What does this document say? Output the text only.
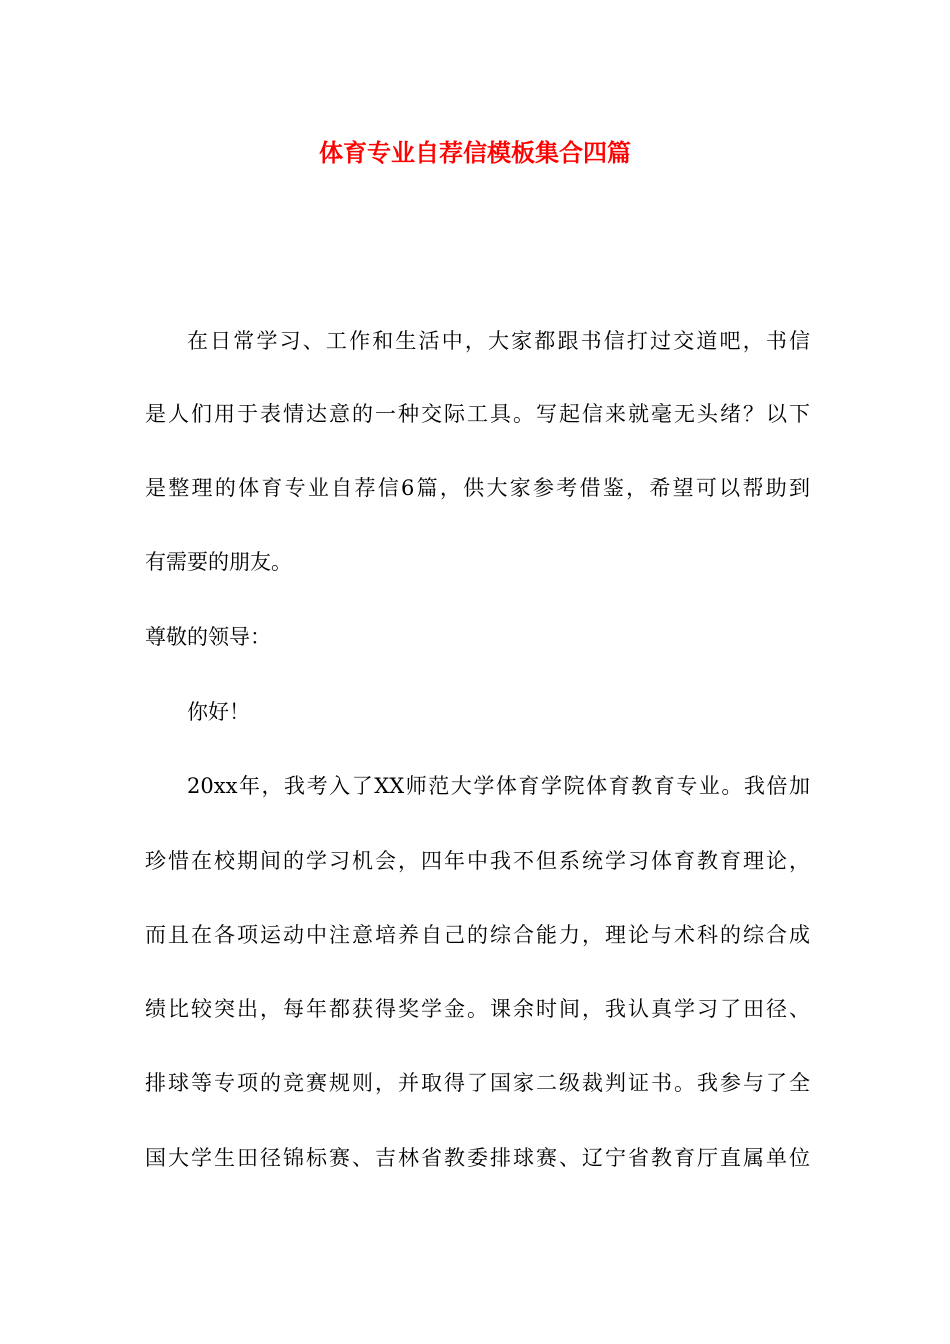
体育专业自荐信模板集合四篇
在日常学习、工作和生活中，大家都跟书信打过交道吧，书信
是人们用于表情达意的一种交际工具。写起信来就毫无头绪？以下
是整理的体育专业自荐信6篇，供大家参考借鉴，希望可以帮助到
有需要的朋友。
尊敬的领导：
你好！
20xx年，我考入了XX师范大学体育学院体育教育专业。我倍加
珍惜在校期间的学习机会，四年中我不但系统学习体育教育理论，
而且在各项运动中注意培养自己的综合能力，理论与术科的综合成
绩比较突出，每年都获得奖学金。课余时间，我认真学习了田径、
排球等专项的竞赛规则，并取得了国家二级裁判证书。我参与了全
国大学生田径锦标赛、吉林省教委排球赛、辽宁省教育厅直属单位
